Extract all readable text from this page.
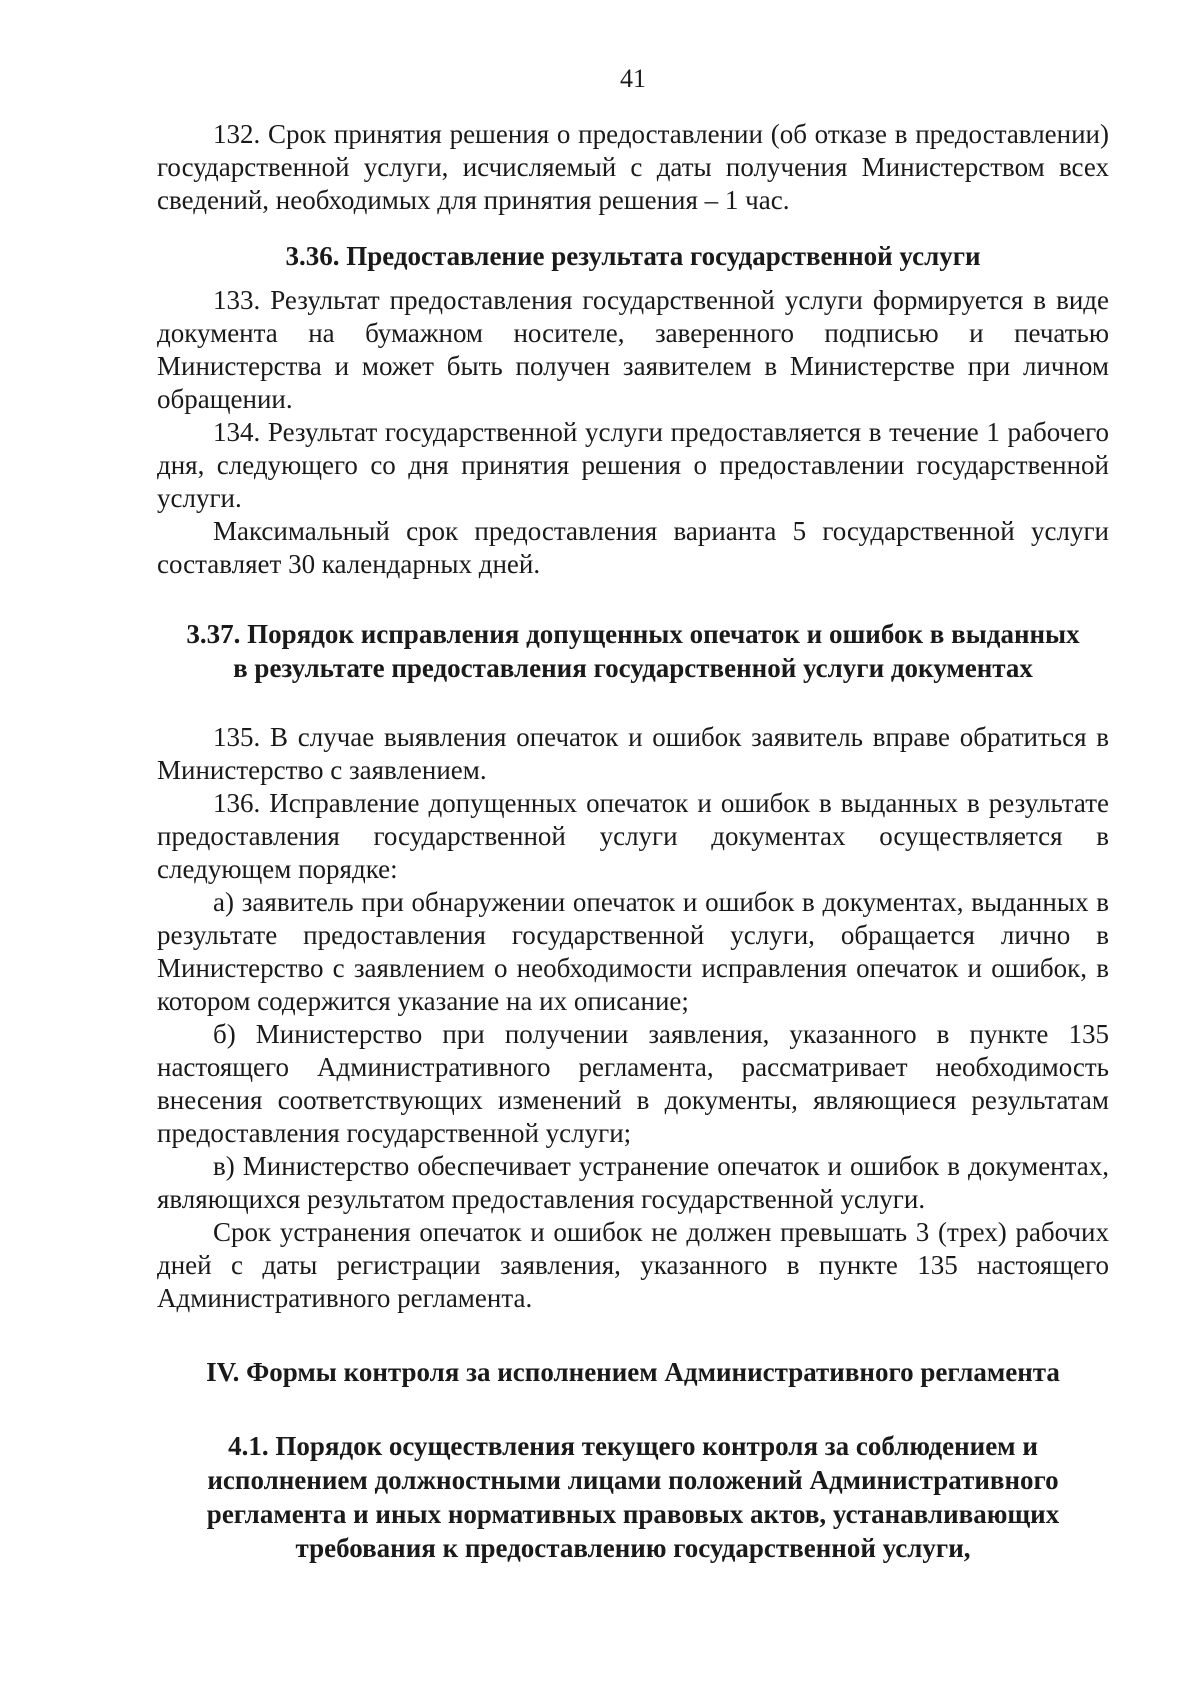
41

132. Срок принятия решения о предоставлении (об отказе в предоставлении) государственной услуги, исчисляемый с даты получения Министерством всех сведений, необходимых для принятия решения – 1 час.

3.36. Предоставление результата государственной услуги

133. Результат предоставления государственной услуги формируется в виде документа на бумажном носителе, заверенного подписью и печатью Министерства и может быть получен заявителем в Министерстве при личном обращении.

134. Результат государственной услуги предоставляется в течение 1 рабочего дня, следующего со дня принятия решения о предоставлении государственной услуги.

Максимальный срок предоставления варианта 5 государственной услуги составляет 30 календарных дней.

3.37. Порядок исправления допущенных опечаток и ошибок в выданных
в результате предоставления государственной услуги документах

135. В случае выявления опечаток и ошибок заявитель вправе обратиться в Министерство с заявлением.

136. Исправление допущенных опечаток и ошибок в выданных в результате предоставления государственной услуги документах осуществляется в следующем порядке:

а) заявитель при обнаружении опечаток и ошибок в документах, выданных в результате предоставления государственной услуги, обращается лично в Министерство с заявлением о необходимости исправления опечаток и ошибок, в котором содержится указание на их описание;

б) Министерство при получении заявления, указанного в пункте 135 настоящего Административного регламента, рассматривает необходимость внесения соответствующих изменений в документы, являющиеся результатам предоставления государственной услуги;

в) Министерство обеспечивает устранение опечаток и ошибок в документах, являющихся результатом предоставления государственной услуги.

Срок устранения опечаток и ошибок не должен превышать 3 (трех) рабочих дней с даты регистрации заявления, указанного в пункте 135 настоящего Административного регламента.

IV. Формы контроля за исполнением Административного регламента
4.1. Порядок осуществления текущего контроля за соблюдением и
исполнением должностными лицами положений Административного
регламента и иных нормативных правовых актов, устанавливающих
требования к предоставлению государственной услуги,
